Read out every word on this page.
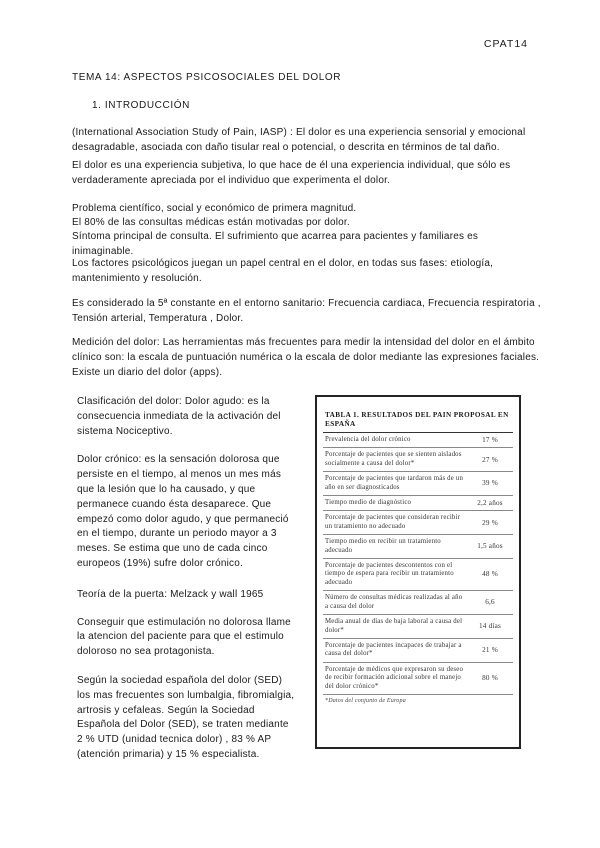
CPAT14
TEMA 14: ASPECTOS PSICOSOCIALES DEL DOLOR
1. INTRODUCCIÓN
(International Association Study of Pain, IASP) : El dolor es una experiencia sensorial y emocional desagradable, asociada con daño tisular real o potencial, o descrita en términos de tal daño.
El dolor es una experiencia subjetiva, lo que hace de él una experiencia individual, que sólo es verdaderamente apreciada por el individuo que experimenta el dolor.
Problema científico, social y económico de primera magnitud.
El 80% de las consultas médicas están motivadas por dolor.
Síntoma principal de consulta. El sufrimiento que acarrea para pacientes y familiares es inimaginable.
Los factores psicológicos juegan un papel central en el dolor, en todas sus fases: etiología, mantenimiento y resolución.
Es considerado la 5ª constante en el entorno sanitario: Frecuencia cardiaca, Frecuencia respiratoria , Tensión arterial, Temperatura , Dolor.
Medición del dolor: Las herramientas más frecuentes para medir la intensidad del dolor en el ámbito clínico son: la escala de puntuación numérica o la escala de dolor mediante las expresiones faciales. Existe un diario del dolor (apps).

Clasificación del dolor: Dolor agudo: es la consecuencia inmediata de la activación del sistema Nociceptivo.

Dolor crónico: es la sensación dolorosa que persiste en el tiempo, al menos un mes más que la lesión que lo ha causado, y que permanece cuando ésta desaparece. Que empezó como dolor agudo, y que permaneció en el tiempo, durante un periodo mayor a 3 meses. Se estima que uno de cada cinco europeos (19%) sufre dolor crónico.

Teoría de la puerta: Melzack y wall 1965

Conseguir que estimulación no dolorosa llame la atencion del paciente para que el estimulo doloroso no sea protagonista.

Según la sociedad española del dolor (SED) los mas frecuentes son lumbalgia, fibromialgia, artrosis y cefaleas. Según la Sociedad Española del Dolor (SED), se traten mediante 2 % UTD (unidad tecnica dolor) , 83 % AP (atención primaria) y 15 % especialista.

TABLA 1. RESULTADOS DEL PAIN PROPOSAL EN ESPAÑA
Prevalencia del dolor crónico	17 %
Porcentaje de pacientes que se sienten aislados socialmente a causa del dolor*	27 %
Porcentaje de pacientes que tardaron más de un año en ser diagnosticados	39 %
Tiempo medio de diagnóstico	2,2 años
Porcentaje de pacientes que consideran recibir un tratamiento no adecuado	29 %
Tiempo medio en recibir un tratamiento adecuado	1,5 años
Porcentaje de pacientes descontentos con el tiempo de espera para recibir un tratamiento adecuado	48 %
Número de consultas médicas realizadas al año a causa del dolor	6,6
Media anual de días de baja laboral a causa del dolor*	14 días
Porcentaje de pacientes incapaces de trabajar a causa del dolor*	21 %
Porcentaje de médicos que expresaron su deseo de recibir formación adicional sobre el manejo del dolor crónico*	80 %
*Datos del conjunto de Europa
